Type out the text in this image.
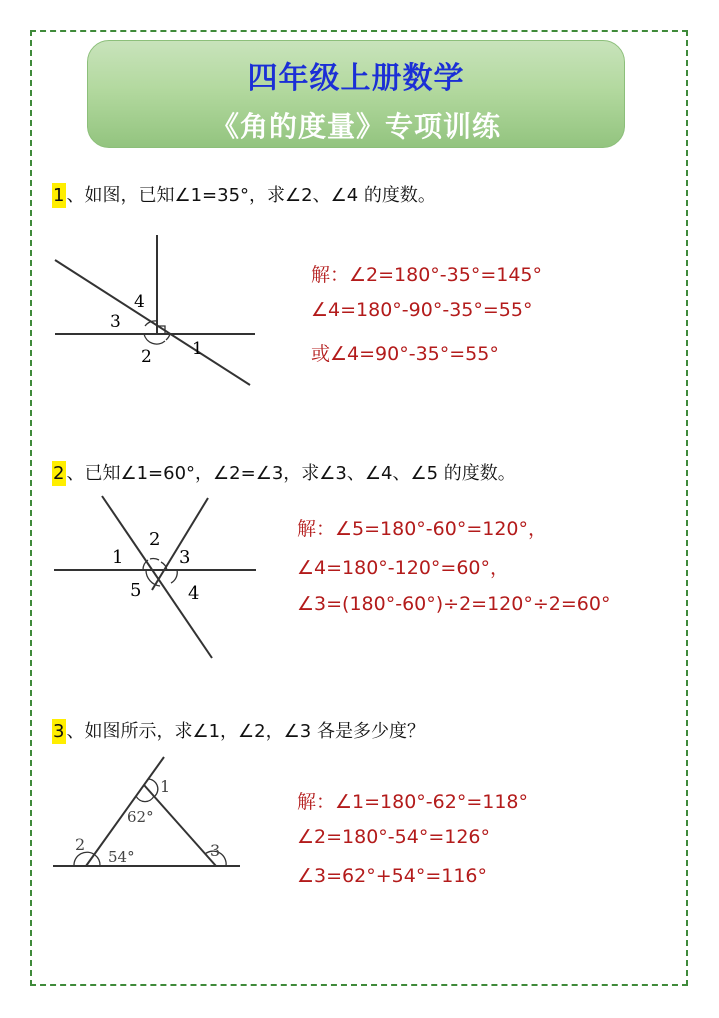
四年级上册数学
《角的度量》专项训练
1 、如图，已知∠1=35°，求∠2、∠4 的度数。
4
3
2 1
解：∠2=180°-35°=145°
∠4=180°-90°-35°=55°
或∠4=90°-35°=55°
2 、已知∠1=60°，∠2=∠3，求∠3、∠4、∠5 的度数。
1
2
3
5	4
解：∠5=180°-60°=120°，
∠4=180°-120°=60°，
∠3=(180°-60°)÷2=120°÷2=60°
3 、如图所示，求∠1，∠2，∠3 各是多少度？
1
62°
2
54°	3
解：∠1=180°-62°=118°
∠2=180°-54°=126°
∠3=62°+54°=116°
